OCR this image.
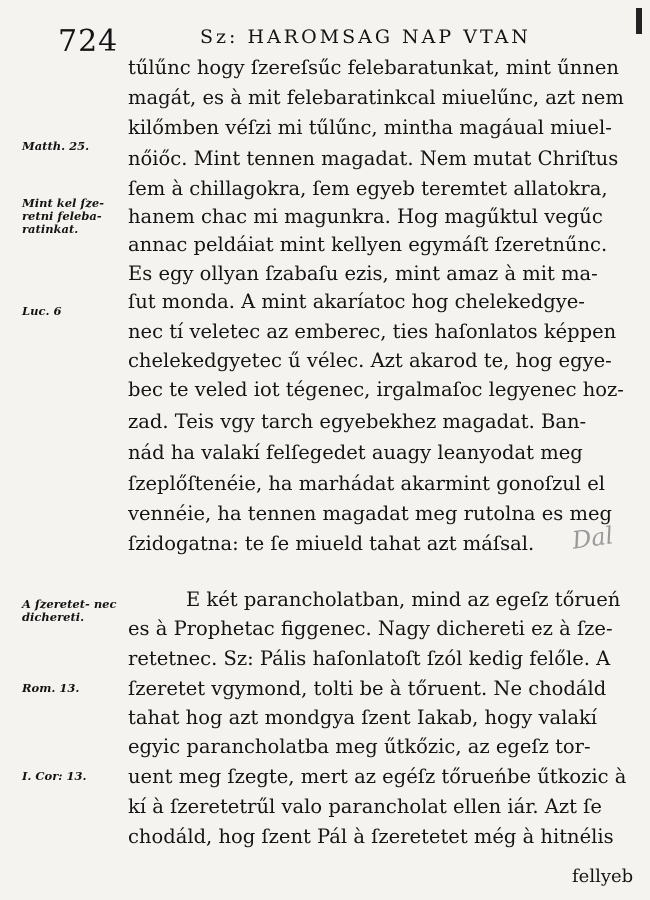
724	Sz: HAROMSAG NAP VTAN
tűlűnc hogy ſzereſsűc felebaratunkat, mint űnnen
magát, es à mit felebaratinkcal miuelűnc, azt nem
kilőmben véſzi mi tűlűnc, mintha magáual miuel-
nőiőc. Mint tennen magadat. Nem mutat Chriſtus
ſem à chillagokra, ſem egyeb teremtet allatokra,
hanem chac mi magunkra. Hog magűktul vegűc
annac peldáiat mint kellyen egymáſt ſzeretnűnc.
Es egy ollyan ſzabaſu ezis, mint amaz à mit ma-
ſut monda. A mint akaríatoc hog chelekedgye-
nec tí veletec az emberec, ties haſonlatos képpen
chelekedgyetec ű vélec. Azt akarod te, hog egye-
bec te veled iot tégenec, irgalmaſoc legyenec hoz-
zad. Teis vgy tarch egyebekhez magadat. Ban-
nád ha valakí felſegedet auagy leanyodat meg
ſzeplőſtenéie, ha marhádat akarmint gonoſzul el
vennéie, ha tennen magadat meg rutolna es meg
ſzidogatna: te ſe miueld tahat azt máſsal.
E két parancholatban, mind az egeſz tőrueń
es à Prophetac figgenec. Nagy dichereti ez à ſze-
retetnec. Sz: Pális haſonlatoſt ſzól kedig felőle. A
ſzeretet vgymond, tolti be à tőruent. Ne chodáld
tahat hog azt mondgya ſzent Iakab, hogy valakí
egyic parancholatba meg űtkőzic, az egeſz tor-
uent meg ſzegte, mert az egéſz tőrueńbe űtkozic à
kí à ſzeretetrűl valo parancholat ellen iár. Azt ſe
chodáld, hog ſzent Pál à ſzeretetet még à hitnélis
fellyeb
Matth. 25.
Mint kel ſze- retni feleba- ratinkat.
Luc. 6
A ſzeretet- nec dichereti.
Rom. 13.
I. Cor: 13.
Dal
